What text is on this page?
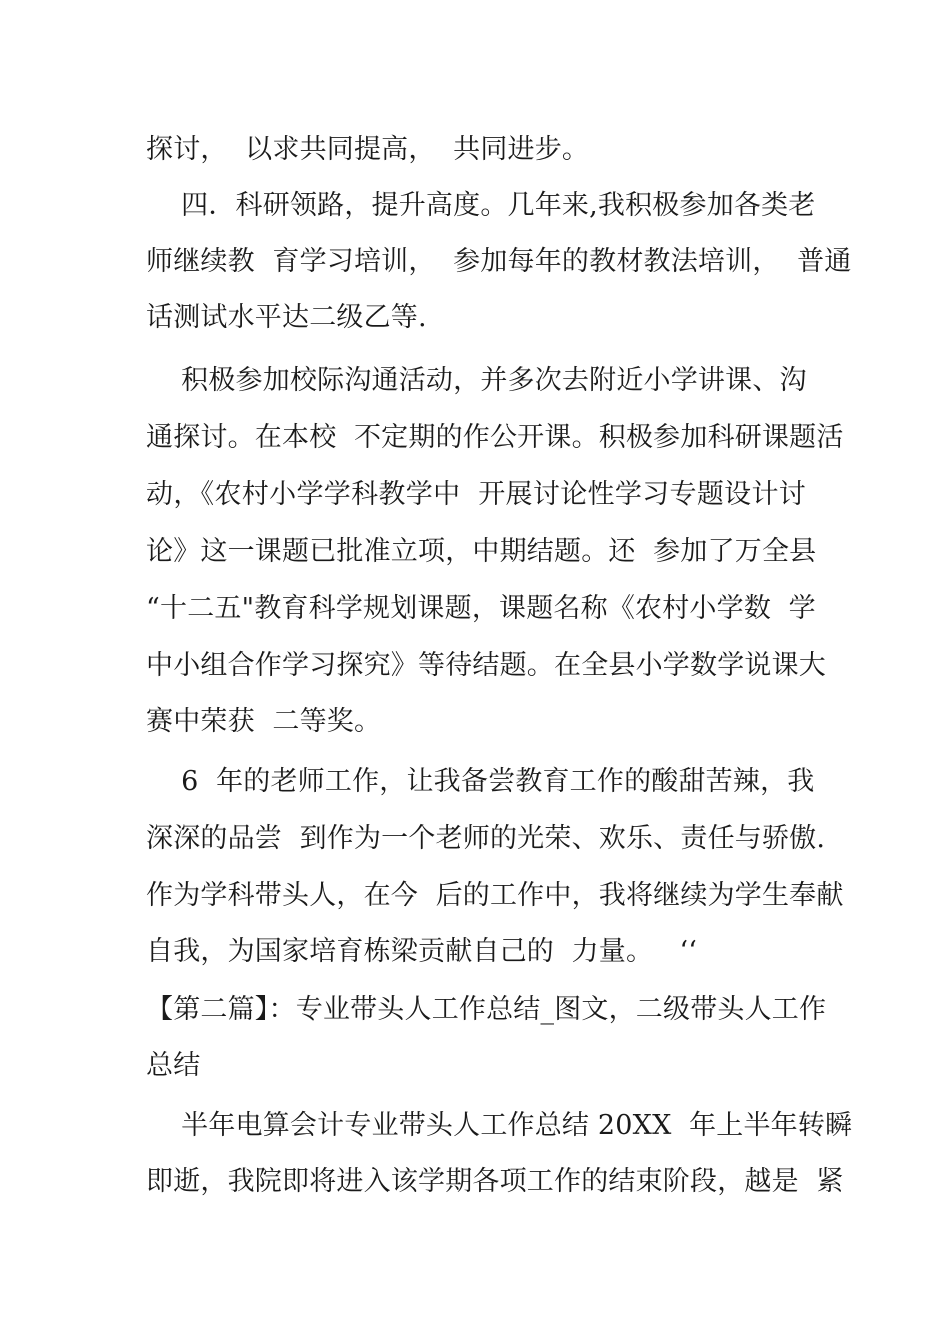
探讨，  以求共同提高，  共同进步。
四．科研领路，提升高度。几年来,我积极参加各类老
师继续教  育学习培训，  参加每年的教材教法培训，  普通
话测试水平达二级乙等.
积极参加校际沟通活动，并多次去附近小学讲课、沟
通探讨。在本校  不定期的作公开课。积极参加科研课题活
动，《农村小学学科教学中  开展讨论性学习专题设计讨
论》这一课题已批准立项，中期结题。还  参加了万全县
“十二五"教育科学规划课题，课题名称《农村小学数  学
中小组合作学习探究》等待结题。在全县小学数学说课大
赛中荣获  二等奖。
6  年的老师工作，让我备尝教育工作的酸甜苦辣，我
深深的品尝  到作为一个老师的光荣、欢乐、责任与骄傲.
作为学科带头人，在今  后的工作中，我将继续为学生奉献
自我，为国家培育栋梁贡献自己的  力量。   ‘‘
【第二篇】：专业带头人工作总结_图文，二级带头人工作
总结
半年电算会计专业带头人工作总结 20XX  年上半年转瞬
即逝，我院即将进入该学期各项工作的结束阶段，越是  紧
